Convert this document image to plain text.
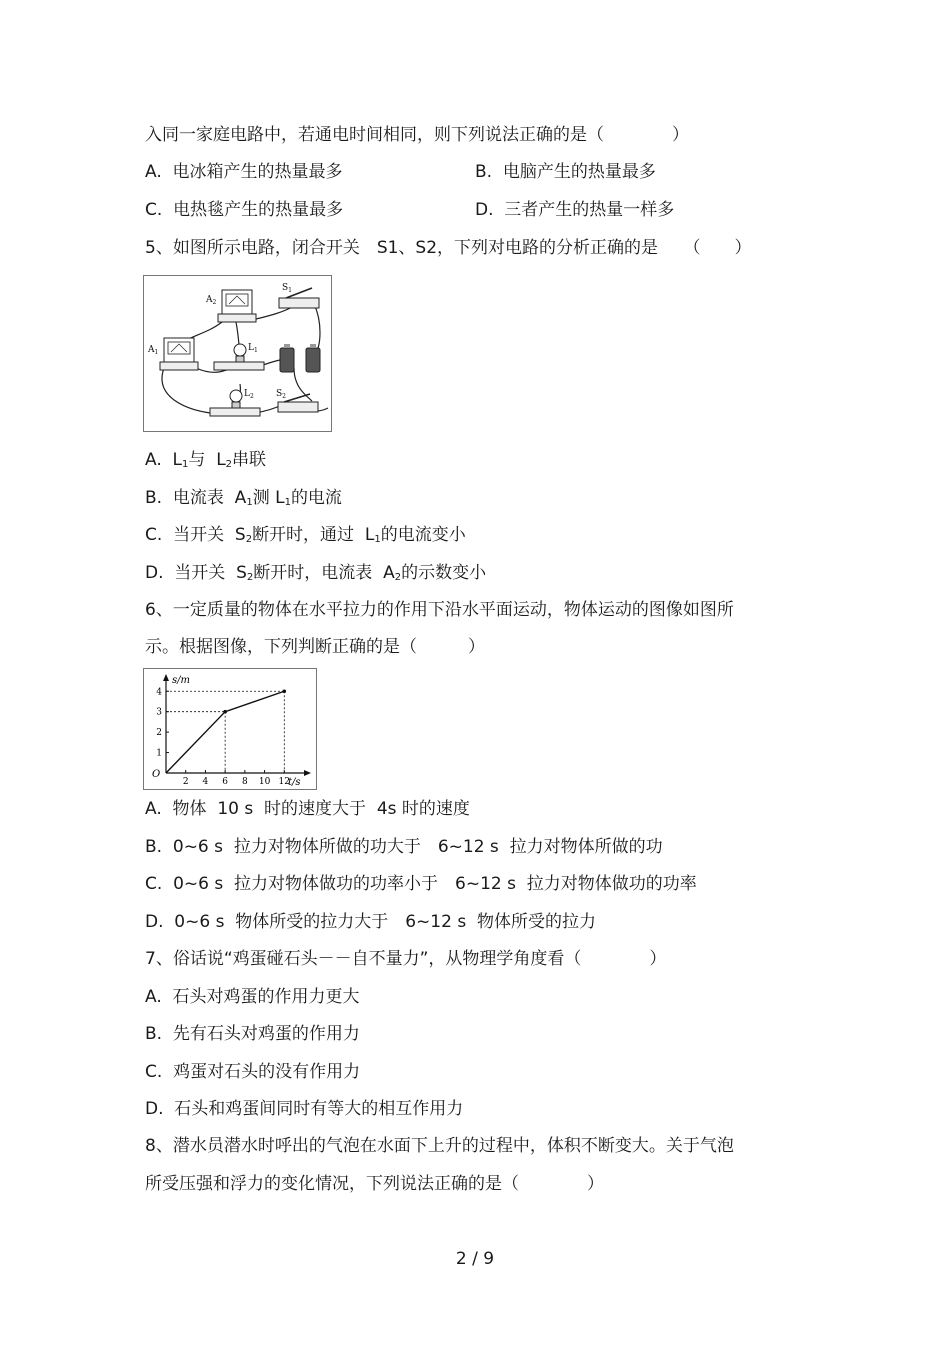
入同一家庭电路中，若通电时间相同，则下列说法正确的是（　　　　）
A.  电冰箱产生的热量最多	B.  电脑产生的热量最多
C.  电热毯产生的热量最多	D.  三者产生的热量一样多
5、如图所示电路，闭合开关　S1、S2，下列对电路的分析正确的是　　（　　）
$A_2$
$A_1$	$L_1$
$L_2$
$S_1$
$S_2$
A.  $L_1$与  $L_2$串联
B.  电流表  $A_1$测 $L_1$的电流
C.  当开关  $S_2$断开时，通过  $L_1$的电流变小
D.  当开关  $S_2$断开时，电流表  $A_2$的示数变小
6、一定质量的物体在水平拉力的作用下沿水平面运动，物体运动的图像如图所
示。根据图像，下列判断正确的是（　　　）
s/m
t/s
O
2 4 6 8 10 12
1
2
3
4
A.  物体  10 s  时的速度大于  4s 时的速度
B.  0~6 s  拉力对物体所做的功大于　6~12 s  拉力对物体所做的功
C.  0~6 s  拉力对物体做功的功率小于　6~12 s  拉力对物体做功的功率
D.  0~6 s  物体所受的拉力大于　6~12 s  物体所受的拉力
7、俗话说“鸡蛋碰石头－－自不量力”，从物理学角度看（　　　　）
A.  石头对鸡蛋的作用力更大
B.  先有石头对鸡蛋的作用力
C.  鸡蛋对石头的没有作用力
D.  石头和鸡蛋间同时有等大的相互作用力
8、潜水员潜水时呼出的气泡在水面下上升的过程中，体积不断变大。关于气泡
所受压强和浮力的变化情况，下列说法正确的是（　　　　）
2 / 9
